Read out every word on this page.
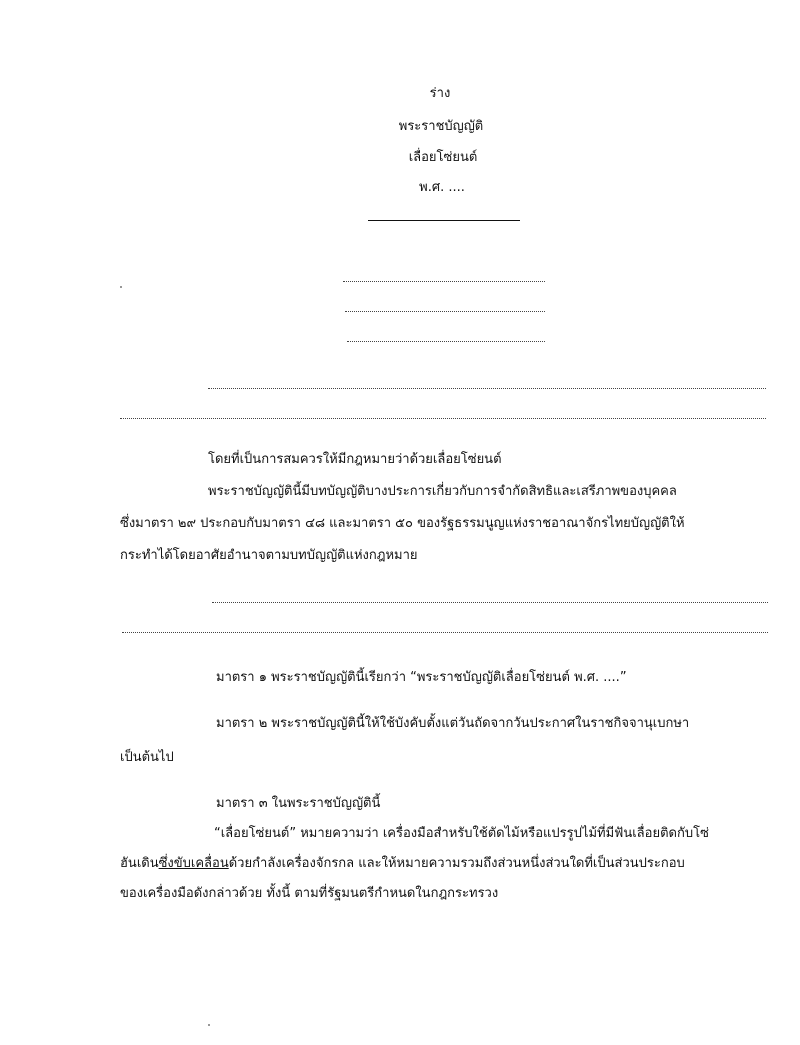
ร่าง
พระราชบัญญัติ
เลื่อยโซ่ยนต์
พ.ศ. ....
โดยที่เป็นการสมควรให้มีกฎหมายว่าด้วยเลื่อยโซ่ยนต์
พระราชบัญญัตินี้มีบทบัญญัติบางประการเกี่ยวกับการจำกัดสิทธิและเสรีภาพของบุคคล
ซึ่งมาตรา ๒๙ ประกอบกับมาตรา ๔๘ และมาตรา ๕๐ ของรัฐธรรมนูญแห่งราชอาณาจักรไทยบัญญัติให้
กระทำได้โดยอาศัยอำนาจตามบทบัญญัติแห่งกฎหมาย
มาตรา ๑ พระราชบัญญัตินี้เรียกว่า “พระราชบัญญัติเลื่อยโซ่ยนต์ พ.ศ. ....”
มาตรา ๒ พระราชบัญญัตินี้ให้ใช้บังคับตั้งแต่วันถัดจากวันประกาศในราชกิจจานุเบกษา
เป็นต้นไป
มาตรา ๓ ในพระราชบัญญัตินี้
“เลื่อยโซ่ยนต์” หมายความว่า เครื่องมือสำหรับใช้ตัดไม้หรือแปรรูปไม้ที่มีฟันเลื่อยติดกับโซ่
ฮันเดินซึ่งขับเคลื่อนด้วยกำลังเครื่องจักรกล และให้หมายความรวมถึงส่วนหนึ่งส่วนใดที่เป็นส่วนประกอบ
ของเครื่องมือดังกล่าวด้วย ทั้งนี้ ตามที่รัฐมนตรีกำหนดในกฎกระทรวง
